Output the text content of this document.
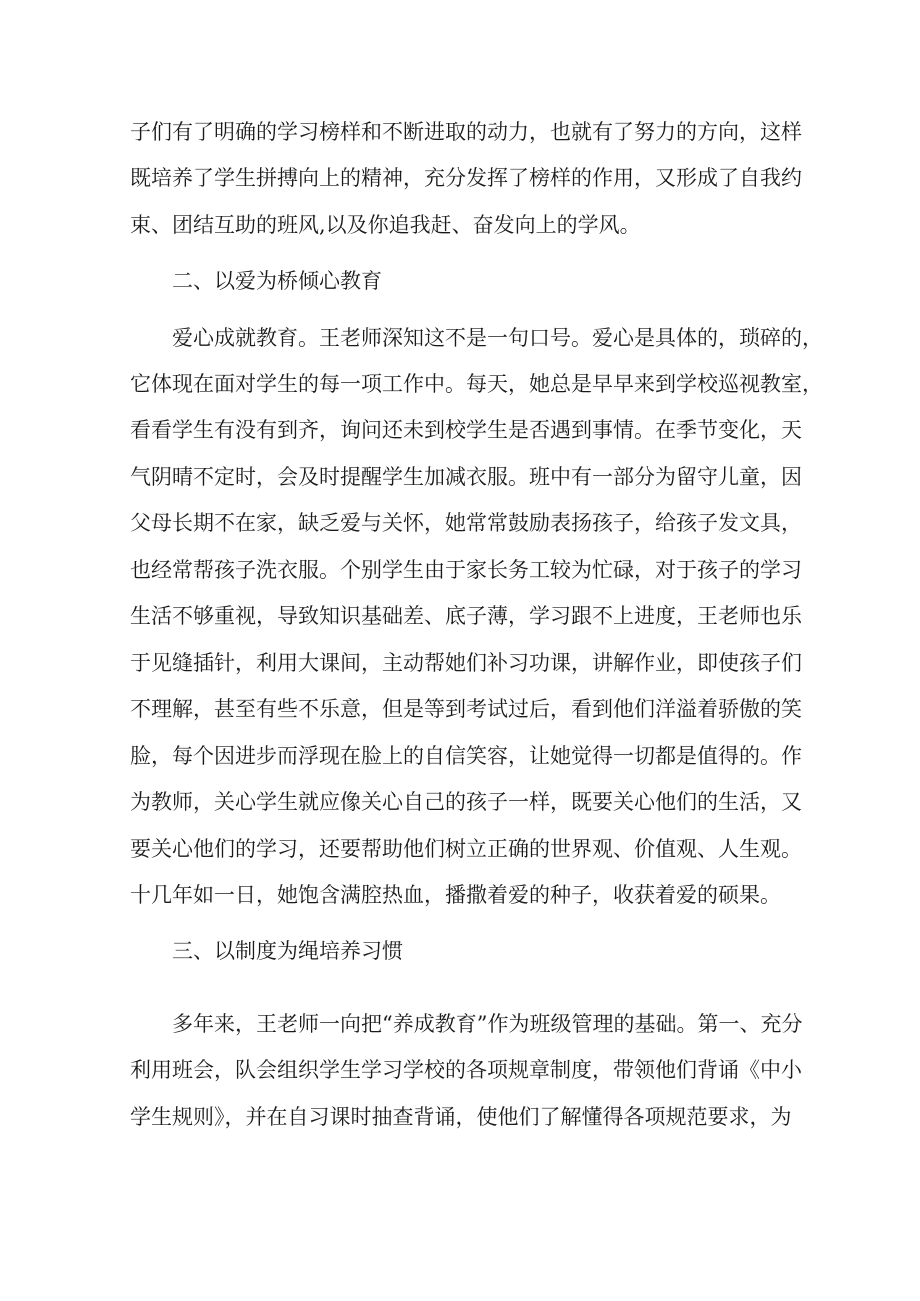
子们有了明确的学习榜样和不断进取的动力，也就有了努力的方向，这样
既培养了学生拼搏向上的精神，充分发挥了榜样的作用，又形成了自我约
束、团结互助的班风,以及你追我赶、奋发向上的学风。
二、以爱为桥倾心教育
爱心成就教育。王老师深知这不是一句口号。爱心是具体的，琐碎的，
它体现在面对学生的每一项工作中。每天，她总是早早来到学校巡视教室，
看看学生有没有到齐，询问还未到校学生是否遇到事情。在季节变化，天
气阴晴不定时，会及时提醒学生加减衣服。班中有一部分为留守儿童，因
父母长期不在家，缺乏爱与关怀，她常常鼓励表扬孩子，给孩子发文具，
也经常帮孩子洗衣服。个别学生由于家长务工较为忙碌，对于孩子的学习
生活不够重视，导致知识基础差、底子薄，学习跟不上进度，王老师也乐
于见缝插针，利用大课间，主动帮她们补习功课，讲解作业，即使孩子们
不理解，甚至有些不乐意，但是等到考试过后，看到他们洋溢着骄傲的笑
脸，每个因进步而浮现在脸上的自信笑容，让她觉得一切都是值得的。作
为教师，关心学生就应像关心自己的孩子一样，既要关心他们的生活，又
要关心他们的学习，还要帮助他们树立正确的世界观、价值观、人生观。
十几年如一日，她饱含满腔热血，播撒着爱的种子，收获着爱的硕果。
三、以制度为绳培养习惯
多年来，王老师一向把“养成教育”作为班级管理的基础。第一、充分
利用班会，队会组织学生学习学校的各项规章制度，带领他们背诵《中小
学生规则》，并在自习课时抽查背诵，使他们了解懂得各项规范要求，为
